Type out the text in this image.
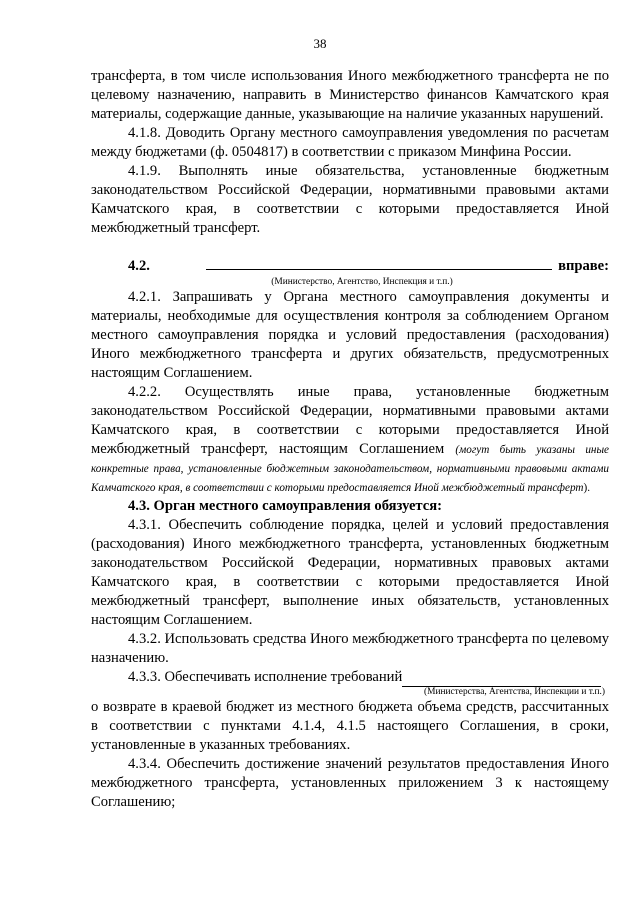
38

трансферта, в том числе использования Иного межбюджетного трансферта не по целевому назначению, направить в Министерство финансов Камчатского края материалы, содержащие данные, указывающие на наличие указанных нарушений.

4.1.8. Доводить Органу местного самоуправления уведомления по расчетам между бюджетами (ф. 0504817) в соответствии с приказом Минфина России.

4.1.9. Выполнять иные обязательства, установленные бюджетным законодательством Российской Федерации, нормативными правовыми актами Камчатского края, в соответствии с которыми предоставляется Иной межбюджетный трансферт.

4.2.	вправе:
(Министерство, Агентство, Инспекция и т.п.)

4.2.1. Запрашивать у Органа местного самоуправления документы и материалы, необходимые для осуществления контроля за соблюдением Органом местного самоуправления порядка и условий предоставления (расходования) Иного межбюджетного трансферта и других обязательств, предусмотренных настоящим Соглашением.

4.2.2. Осуществлять иные права, установленные бюджетным законодательством Российской Федерации, нормативными правовыми актами Камчатского края, в соответствии с которыми предоставляется Иной межбюджетный трансферт, настоящим Соглашением (могут быть указаны иные конкретные права, установленные бюджетным законодательством, нормативными правовыми актами Камчатского края, в соответствии с которыми предоставляется Иной межбюджетный трансферт).

4.3. Орган местного самоуправления обязуется:

4.3.1. Обеспечить соблюдение порядка, целей и условий предоставления (расходования) Иного межбюджетного трансферта, установленных бюджетным законодательством Российской Федерации, нормативных правовых актами Камчатского края, в соответствии с которыми предоставляется Иной межбюджетный трансферт, выполнение иных обязательств, установленных настоящим Соглашением.

4.3.2. Использовать средства Иного межбюджетного трансферта по целевому назначению.

4.3.3. Обеспечивать исполнение требований
(Министерства, Агентства, Инспекции и т.п.)

о возврате в краевой бюджет из местного бюджета объема средств, рассчитанных в соответствии с пунктами 4.1.4, 4.1.5 настоящего Соглашения, в сроки, установленные в указанных требованиях.

4.3.4. Обеспечить достижение значений результатов предоставления Иного межбюджетного трансферта, установленных приложением 3 к настоящему Соглашению;
